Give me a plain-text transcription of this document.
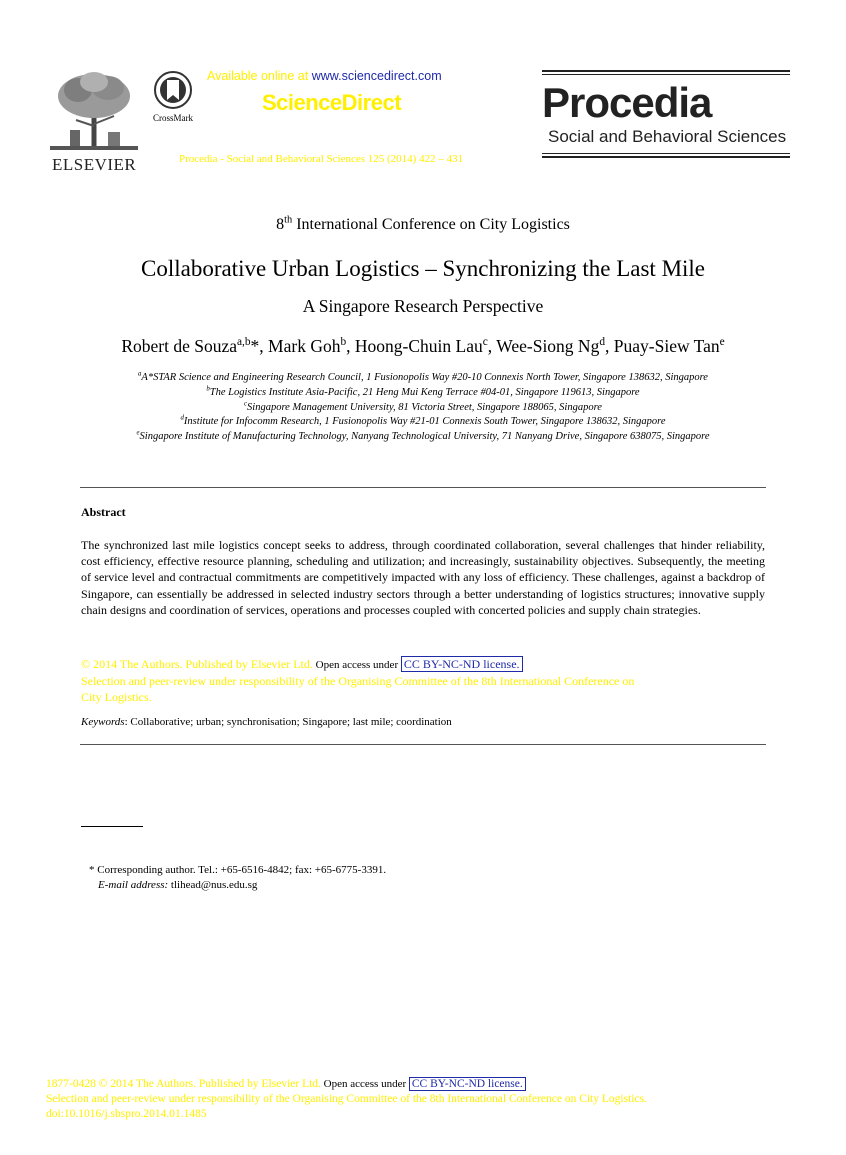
ELSEVIER
CrossMark
Available online at www.sciencedirect.com
ScienceDirect
Procedia - Social and Behavioral Sciences 125 (2014) 422 – 431
Procedia
Social and Behavioral Sciences
8th International Conference on City Logistics
Collaborative Urban Logistics – Synchronizing the Last Mile
A Singapore Research Perspective
Robert de Souza$^{a,b}$*, Mark Goh$^b$, Hoong-Chuin Lau$^c$, Wee-Siong Ng$^d$, Puay-Siew Tan$^e$
$^a$A*STAR Science and Engineering Research Council, 1 Fusionopolis Way #20-10 Connexis North Tower, Singapore 138632, Singapore
$^b$The Logistics Institute Asia-Pacific, 21 Heng Mui Keng Terrace #04-01, Singapore 119613, Singapore
$^c$Singapore Management University, 81 Victoria Street, Singapore 188065, Singapore
$^d$Institute for Infocomm Research, 1 Fusionopolis Way #21-01 Connexis South Tower, Singapore 138632, Singapore
$^e$Singapore Institute of Manufacturing Technology, Nanyang Technological University, 71 Nanyang Drive, Singapore 638075, Singapore
Abstract
The synchronized last mile logistics concept seeks to address, through coordinated collaboration, several challenges that hinder reliability, cost efficiency, effective resource planning, scheduling and utilization; and increasingly, sustainability objectives. Subsequently, the meeting of service level and contractual commitments are competitively impacted with any loss of efficiency. These challenges, against a backdrop of Singapore, can essentially be addressed in selected industry sectors through a better understanding of logistics structures; innovative supply chain designs and coordination of services, operations and processes coupled with concerted policies and supply chain strategies.
© 2014 The Authors. Published by Elsevier Ltd. Open access under CC BY-NC-ND license.
Selection and peer-review under responsibility of the Organising Committee of the 8th International Conference on
City Logistics.
Keywords: Collaborative; urban; synchronisation; Singapore; last mile; coordination
* Corresponding author. Tel.: +65-6516-4842; fax: +65-6775-3391.
E-mail address: tlihead@nus.edu.sg
1877-0428 © 2014 The Authors. Published by Elsevier Ltd. Open access under CC BY-NC-ND license.
Selection and peer-review under responsibility of the Organising Committee of the 8th International Conference on City Logistics.
doi:10.1016/j.sbspro.2014.01.1485
